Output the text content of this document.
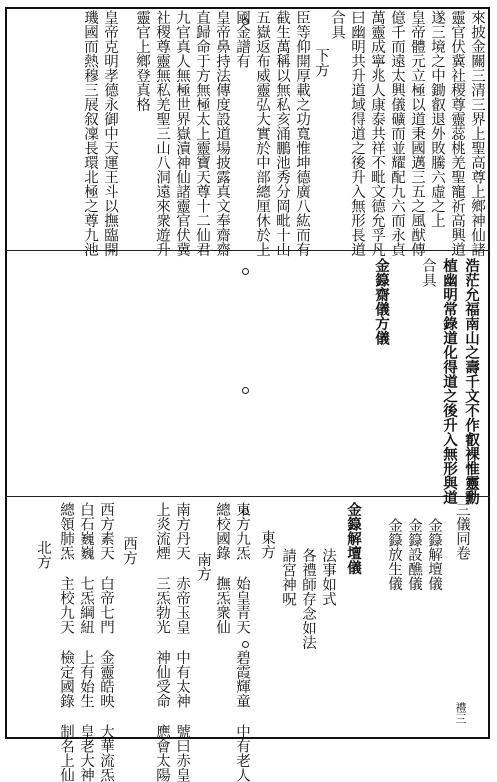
來披金關三清三界上聖高尊上鄉神仙諸
靈官伏冀社稷尊靈蕊桃羌聖寵祈高興道
遂三境之中鋤叡退外敗騰六虛之上
皇帝體元立極以道秉國邁三五之風猷傳
億千而遠太興儀礦而並耀配九六而永貞
萬靈成寧兆人康泰共祥不毗文德允孚凡
曰幽明共升道域得道之後升入無形長道
合具
下方
臣等仰開厚載之功寬惟坤德廣八紘而有
截生萬稱以無私亥涌鵬池秀分岡毗十山
五嶽返布威靈弘大實於中部總厘休於上
國金譜有
皇帝鼻持法傳度設道場披露真文奉齋齋
直歸命于方無極太上靈寶天尊十二仙君
九官真人無極世界嶽瀆神仙諸靈官伏冀
社稷尊靈無私羌聖三山八洞遠來衆遊升
靈官上鄉登真格
皇帝克明孝德永御中天運王斗以撫臨開
璣國而熱穆三展叙凜長環北極之尊九池
浩茫允福南山之壽千文不作叡裸惟靈勳
植幽明常錄道化得道之後升入無形與道
合具
金籙齋儀方儀
三儀同卷
金籙解壇儀
金籙設醮儀
金籙放生儀
金籙解壇儀
法事如式
各禮師存念如法
請宮神呪
東方
東方九炁 始皇青天 碧霞輝童 中有老人
總校國錄 撫炁衆仙
南方
南方丹天 赤帝玉皇 中有太神 號曰赤皇
上炎流煙 三炁勃光 神仙受命 應會太陽
西方
西方素天 白帝七門 金靈皓映 大華流炁
白石巍巍 七炁綱紐 上有始生 皇老大神
總領肺炁 主校九天 檢定國錄 制名上仙
北方
禮三
